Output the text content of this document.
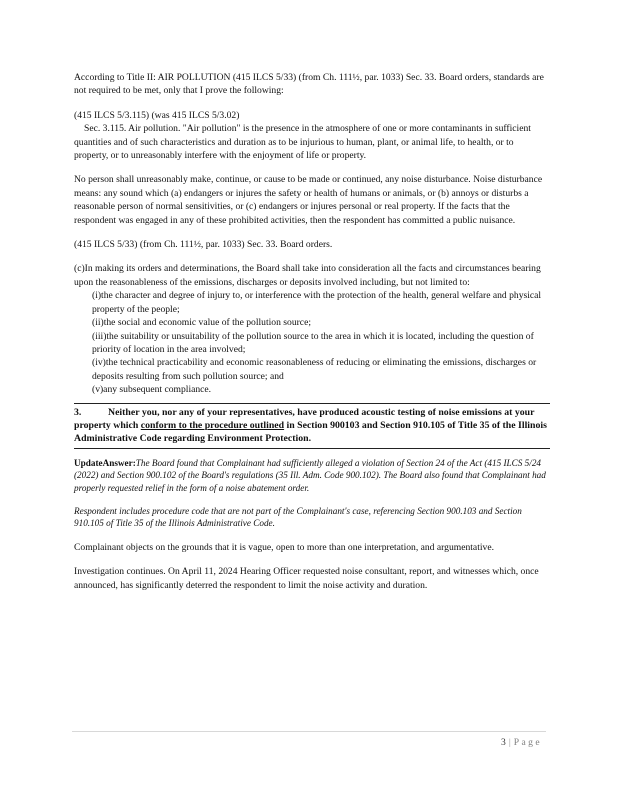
According to Title II: AIR POLLUTION (415 ILCS 5/33) (from Ch. 111½, par. 1033) Sec. 33. Board orders, standards are not required to be met, only that I prove the following:

(415 ILCS 5/3.115) (was 415 ILCS 5/3.02)

Sec. 3.115. Air pollution. "Air pollution" is the presence in the atmosphere of one or more contaminants in sufficient quantities and of such characteristics and duration as to be injurious to human, plant, or animal life, to health, or to property, or to unreasonably interfere with the enjoyment of life or property.

No person shall unreasonably make, continue, or cause to be made or continued, any noise disturbance. Noise disturbance means: any sound which (a) endangers or injures the safety or health of humans or animals, or (b) annoys or disturbs a reasonable person of normal sensitivities, or (c) endangers or injures personal or real property. If the facts that the respondent was engaged in any of these prohibited activities, then the respondent has committed a public nuisance.

(415 ILCS 5/33) (from Ch. 111½, par. 1033) Sec. 33. Board orders.

(c)In making its orders and determinations, the Board shall take into consideration all the facts and circumstances bearing upon the reasonableness of the emissions, discharges or deposits involved including, but not limited to:

(i)the character and degree of injury to, or interference with the protection of the health, general welfare and physical property of the people;

(ii)the social and economic value of the pollution source;

(iii)the suitability or unsuitability of the pollution source to the area in which it is located, including the question of priority of location in the area involved;

(iv)the technical practicability and economic reasonableness of reducing or eliminating the emissions, discharges or deposits resulting from such pollution source; and

(v)any subsequent compliance.

3.	Neither you, nor any of your representatives, have produced acoustic testing of noise emissions at your property which conform to the procedure outlined in Section 900103 and Section 910.105 of Title 35 of the Illinois Administrative Code regarding Environment Protection.

UpdateAnswer:The Board found that Complainant had sufficiently alleged a violation of Section 24 of the Act (415 ILCS 5/24 (2022) and Section 900.102 of the Board's regulations (35 Ill. Adm. Code 900.102). The Board also found that Complainant had properly requested relief in the form of a noise abatement order.

Respondent includes procedure code that are not part of the Complainant's case, referencing Section 900.103 and Section 910.105 of Title 35 of the Illinois Administrative Code.

Complainant objects on the grounds that it is vague, open to more than one interpretation, and argumentative.

Investigation continues. On April 11, 2024 Hearing Officer requested noise consultant, report, and witnesses which, once announced, has significantly deterred the respondent to limit the noise activity and duration.

3 | Page
